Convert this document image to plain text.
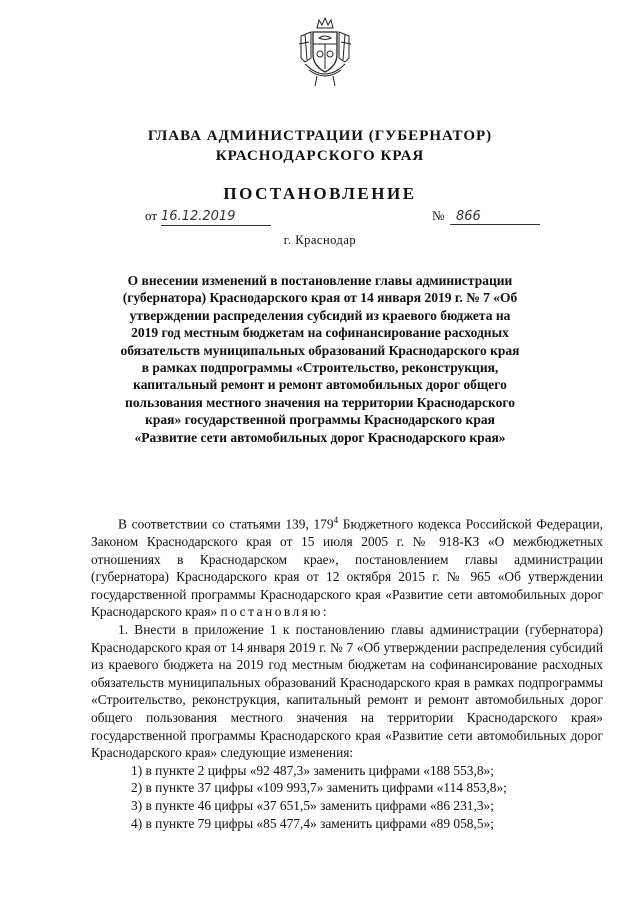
ГЛАВА АДМИНИСТРАЦИИ (ГУБЕРНАТОР)
КРАСНОДАРСКОГО КРАЯ
ПОСТАНОВЛЕНИЕ
от 16.12.2019	№ 866
г. Краснодар
О внесении изменений в постановление главы администрации (губернатора) Краснодарского края от 14 января 2019 г. № 7 «Об утверждении распределения субсидий из краевого бюджета на 2019 год местным бюджетам на софинансирование расходных обязательств муниципальных образований Краснодарского края в рамках подпрограммы «Строительство, реконструкция, капитальный ремонт и ремонт автомобильных дорог общего пользования местного значения на территории Краснодарского края» государственной программы Краснодарского края «Развитие сети автомобильных дорог Краснодарского края»

В соответствии со статьями 139, $179^4$ Бюджетного кодекса Российской Федерации, Законом Краснодарского края от 15 июля 2005 г. № 918-КЗ «О межбюджетных отношениях в Краснодарском крае», постановлением главы администрации (губернатора) Краснодарского края от 12 октября 2015 г. № 965 «Об утверждении государственной программы Краснодарского края «Развитие сети автомобильных дорог Краснодарского края» постановляю:

1. Внести в приложение 1 к постановлению главы администрации (губернатора) Краснодарского края от 14 января 2019 г. № 7 «Об утверждении распределения субсидий из краевого бюджета на 2019 год местным бюджетам на софинансирование расходных обязательств муниципальных образований Краснодарского края в рамках подпрограммы «Строительство, реконструкция, капитальный ремонт и ремонт автомобильных дорог общего пользования местного значения на территории Краснодарского края» государственной программы Краснодарского края «Развитие сети автомобильных дорог Краснодарского края» следующие изменения:

1) в пункте 2 цифры «92 487,3» заменить цифрами «188 553,8»;

2) в пункте 37 цифры «109 993,7» заменить цифрами «114 853,8»;

3) в пункте 46 цифры «37 651,5» заменить цифрами «86 231,3»;

4) в пункте 79 цифры «85 477,4» заменить цифрами «89 058,5»;
